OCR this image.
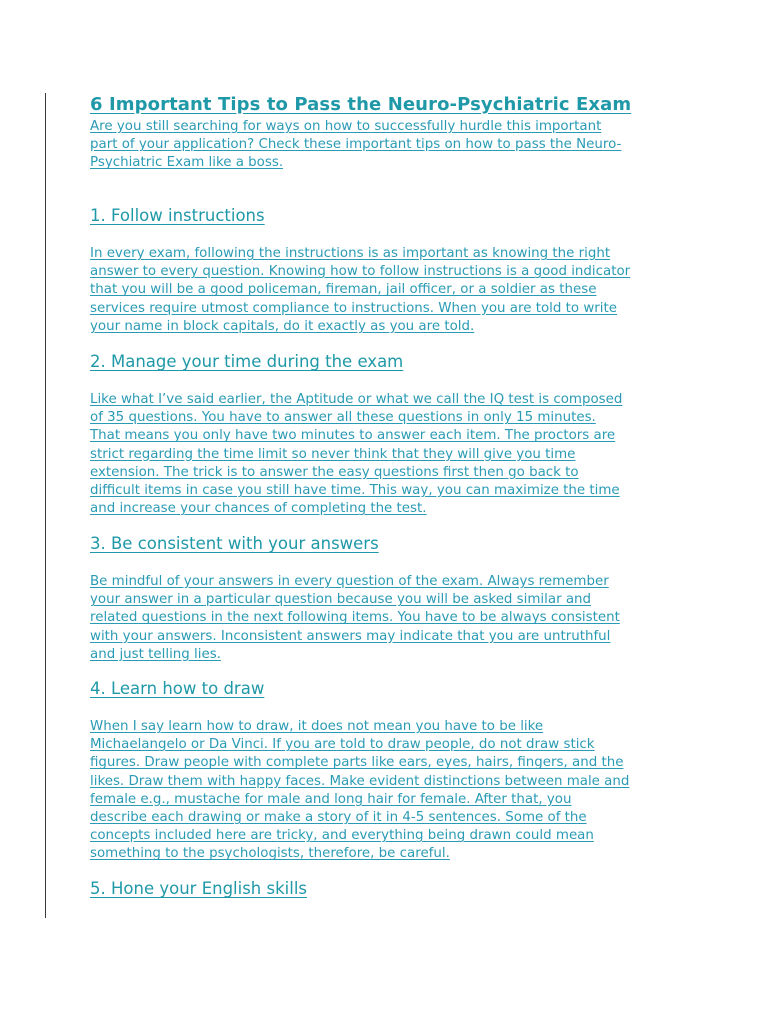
6 Important Tips to Pass the Neuro-Psychiatric Exam

Are you still searching for ways on how to successfully hurdle this important
part of your application? Check these important tips on how to pass the Neuro-
Psychiatric Exam like a boss.

1. Follow instructions

In every exam, following the instructions is as important as knowing the right
answer to every question. Knowing how to follow instructions is a good indicator
that you will be a good policeman, fireman, jail officer, or a soldier as these
services require utmost compliance to instructions. When you are told to write
your name in block capitals, do it exactly as you are told.

2. Manage your time during the exam

Like what I’ve said earlier, the Aptitude or what we call the IQ test is composed
of 35 questions. You have to answer all these questions in only 15 minutes.
That means you only have two minutes to answer each item. The proctors are
strict regarding the time limit so never think that they will give you time
extension. The trick is to answer the easy questions first then go back to
difficult items in case you still have time. This way, you can maximize the time
and increase your chances of completing the test.

3. Be consistent with your answers

Be mindful of your answers in every question of the exam. Always remember
your answer in a particular question because you will be asked similar and
related questions in the next following items. You have to be always consistent
with your answers. Inconsistent answers may indicate that you are untruthful
and just telling lies.

4. Learn how to draw

When I say learn how to draw, it does not mean you have to be like
Michaelangelo or Da Vinci. If you are told to draw people, do not draw stick
figures. Draw people with complete parts like ears, eyes, hairs, fingers, and the
likes. Draw them with happy faces. Make evident distinctions between male and
female e.g., mustache for male and long hair for female. After that, you
describe each drawing or make a story of it in 4-5 sentences. Some of the
concepts included here are tricky, and everything being drawn could mean
something to the psychologists, therefore, be careful.

5. Hone your English skills
